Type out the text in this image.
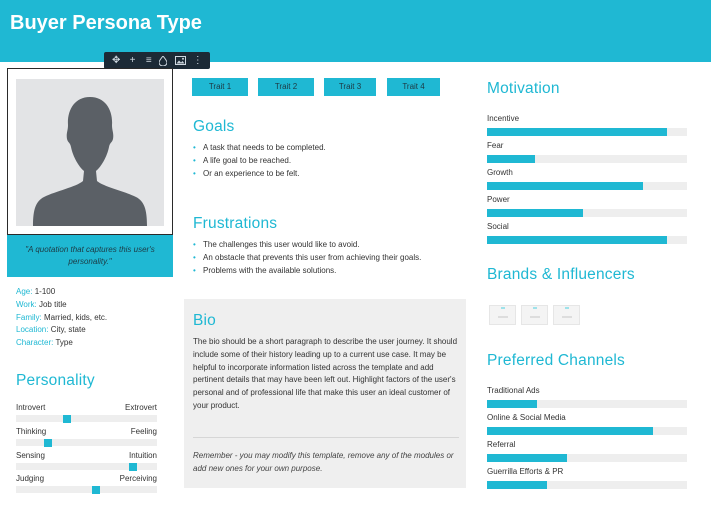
Buyer Persona Type
✥ +	≡	⋮
"A quotation that captures this user's personality."
Age: 1-100
Work: Job title
Family: Married, kids, etc.
Location: City, state
Character: Type
Personality
Introvert	Extrovert
Thinking	Feeling
Sensing	Intuition
Judging	Perceiving
Trait 1	Trait 2	Trait 3	Trait 4
Goals
• A task that needs to be completed.
• A life goal to be reached.
• Or an experience to be felt.
Frustrations
• The challenges this user would like to avoid.
• An obstacle that prevents this user from achieving their goals.
• Problems with the available solutions.
Bio
The bio should be a short paragraph to describe the user journey. It should include some of their history leading up to a current use case. It may be helpful to incorporate information listed across the template and add pertinent details that may have been left out. Highlight factors of the user's personal and of professional life that make this user an ideal customer of your product.
Remember - you may modify this template, remove any of the modules or add new ones for your own purpose.
Motivation
Incentive
Fear
Growth
Power
Social
Brands & Influencers
Preferred Channels
Traditional Ads
Online & Social Media
Referral
Guerrilla Efforts & PR
